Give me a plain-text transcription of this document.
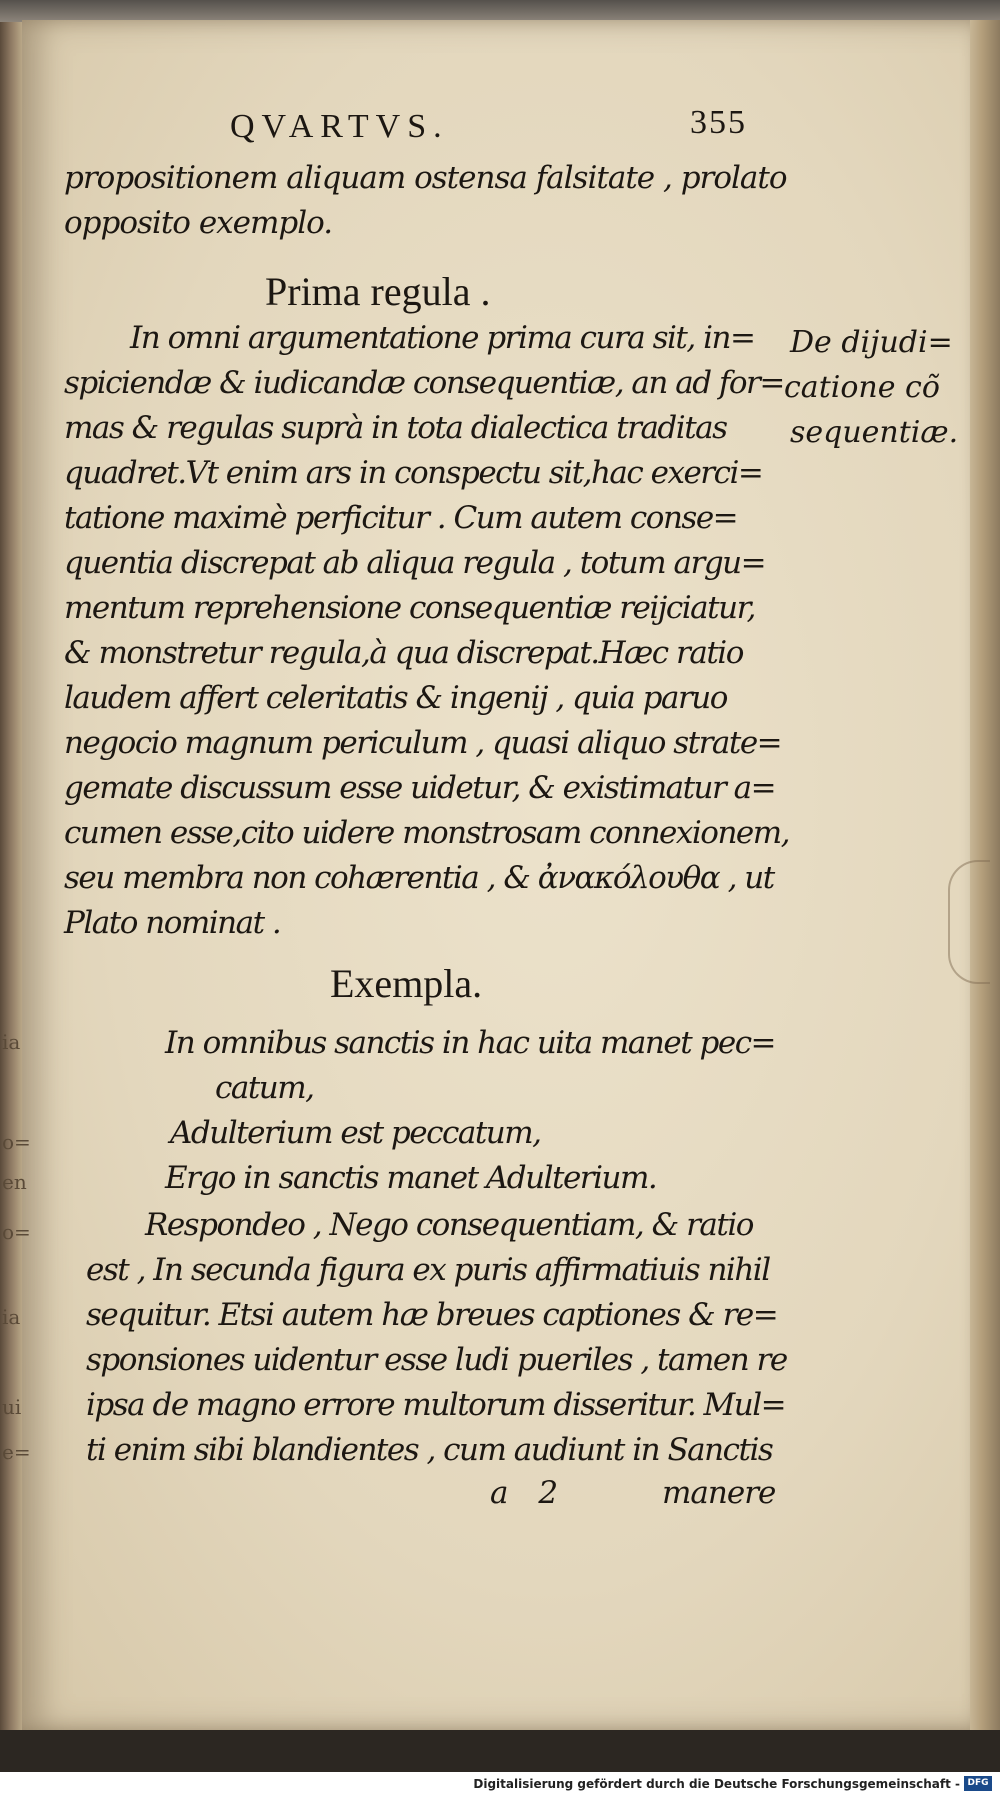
QVARTVS.	355
propositionem aliquam ostensa falsitate , prolato
opposito exemplo.
Prima regula .
In omni argumentatione prima cura sit, in=
spiciendæ & iudicandæ consequentiæ, an ad for=
mas & regulas suprà in tota dialectica traditas
quadret.Vt enim ars in conspectu sit,hac exerci=
tatione maximè perficitur . Cum autem conse=
quentia discrepat ab aliqua regula , totum argu=
mentum reprehensione consequentiæ reijciatur,
& monstretur regula,à qua discrepat.Hæc ratio
laudem affert celeritatis & ingenij , quia paruo
negocio magnum periculum , quasi aliquo strate=
gemate discussum esse uidetur, & existimatur a=
cumen esse,cito uidere monstrosam connexionem,
seu membra non cohærentia , & ἀνακόλουθα , ut
Plato nominat .
De dijudi=
catione cõ
sequentiæ.
Exempla.
In omnibus sanctis in hac uita manet pec=
catum,
Adulterium est peccatum,
Ergo in sanctis manet Adulterium.
Respondeo , Nego consequentiam, & ratio
est , In secunda figura ex puris affirmatiuis nihil
sequitur. Etsi autem hæ breues captiones & re=
sponsiones uidentur esse ludi pueriles , tamen re
ipsa de magno errore multorum disseritur. Mul=
ti enim sibi blandientes , cum audiunt in Sanctis
a 2	manere
ia
o=
en
o=
ia
ui
e=
Digitalisierung gefördert durch die Deutsche Forschungsgemeinschaft - DFG
